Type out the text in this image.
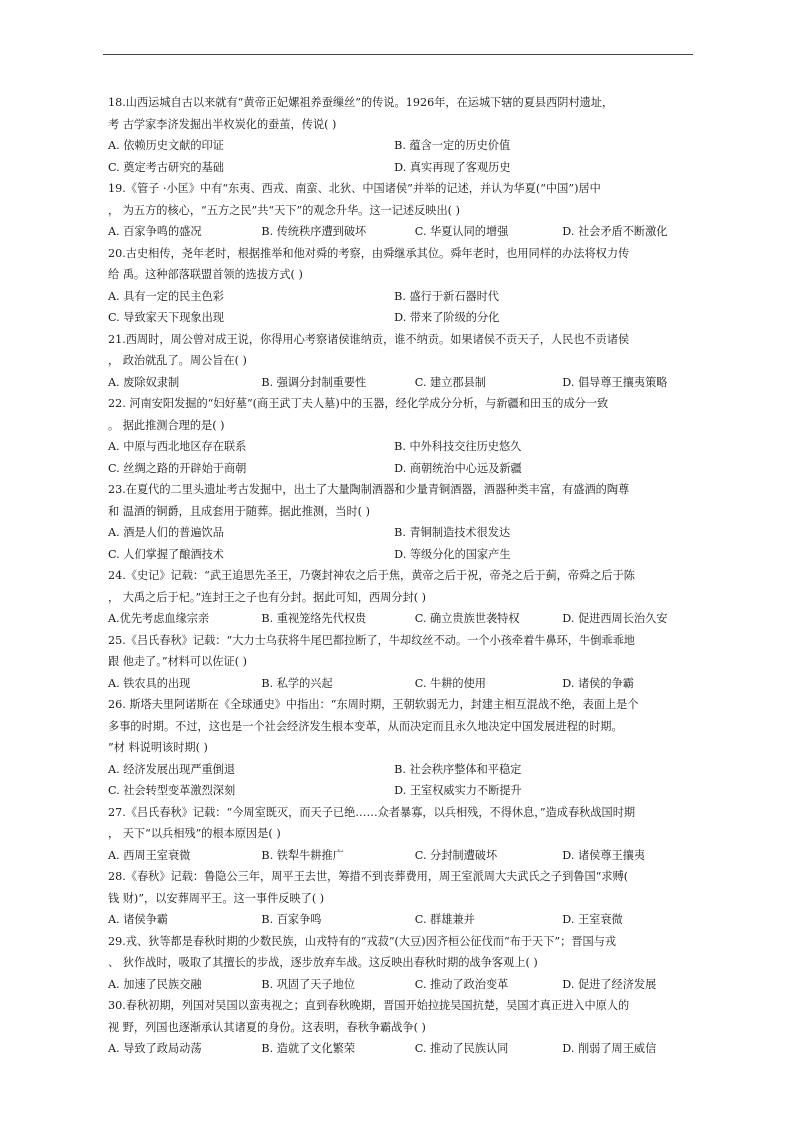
18.山西运城自古以来就有“黄帝正妃嫘祖养蚕缫丝”的传说。1926年，在运城下辖的夏县西阴村遗址，
考 古学家李济发掘出半枚炭化的蚕茧，传说( )
A. 依赖历史文献的印证	B. 蕴含一定的历史价值
C. 奠定考古研究的基础	D. 真实再现了客观历史
19.《管子 ·小匡》中有“东夷、西戎、南蛮、北狄、中国诸侯”并举的记述，并认为华夏(“中国”)居中
， 为五方的核心，“五方之民”共“天下”的观念升华。这一记述反映出( )
A. 百家争鸣的盛况	B. 传统秩序遭到破坏	C. 华夏认同的增强	D. 社会矛盾不断激化
20.古史相传，尧年老时，根据推举和他对舜的考察，由舜继承其位。舜年老时，也用同样的办法将权力传
给 禹。这种部落联盟首领的选拔方式( )
A. 具有一定的民主色彩	B. 盛行于新石器时代
C. 导致家天下现象出现	D. 带来了阶级的分化
21.西周时，周公曾对成王说，你得用心考察诸侯谁纳贡，谁不纳贡。如果诸侯不贡天子，人民也不贡诸侯
， 政治就乱了。周公旨在( )
A. 废除奴隶制	B. 强调分封制重要性	C. 建立郡县制	D. 倡导尊王攘夷策略
22. 河南安阳发掘的“妇好墓”(商王武丁夫人墓)中的玉器，经化学成分分析，与新疆和田玉的成分一致
。 据此推测合理的是( )
A. 中原与西北地区存在联系	B. 中外科技交往历史悠久
C. 丝绸之路的开辟始于商朝	D. 商朝统治中心远及新疆
23.在夏代的二里头遗址考古发掘中，出土了大量陶制酒器和少量青铜酒器，酒器种类丰富，有盛酒的陶尊
和 温酒的铜爵，且成套用于随葬。据此推测，当时( )
A. 酒是人们的普遍饮品	B. 青铜制造技术很发达
C. 人们掌握了酿酒技术	D. 等级分化的国家产生
24.《史记》记载：“武王追思先圣王，乃褒封神农之后于焦，黄帝之后于祝，帝尧之后于蓟，帝舜之后于陈
， 大禹之后于杞。”连封王之子也有分封。据此可知，西周分封( )
A.优先考虑血缘宗亲	B. 重视笼络先代权贵	C. 确立贵族世袭特权	D. 促进西周长治久安
25.《吕氏春秋》记载：“大力士乌获将牛尾巴都拉断了，牛却纹丝不动。一个小孩牵着牛鼻环，牛倒乖乖地
跟 他走了。”材料可以佐证( )
A. 铁农具的出现	B. 私学的兴起	C. 牛耕的使用	D. 诸侯的争霸
26. 斯塔夫里阿诺斯在《全球通史》中指出：“东周时期，王朝软弱无力，封建主相互混战不绝，表面上是个
多事的时期。不过，这也是一个社会经济发生根本变革，从而决定而且永久地决定中国发展进程的时期。
”材 料说明该时期( )
A. 经济发展出现严重倒退	B. 社会秩序整体和平稳定
C. 社会转型变革激烈深刻	D. 王室权威实力不断提升
27.《吕氏春秋》记载：“今周室既灭，而天子已绝……众者暴寡，以兵相残，不得休息，”造成春秋战国时期
， 天下“以兵相残”的根本原因是( )
A. 西周王室衰微	B. 铁犁牛耕推广	C. 分封制遭破坏	D. 诸侯尊王攘夷
28.《春秋》记载：鲁隐公三年，周平王去世，筹措不到丧葬费用，周王室派周大夫武氏之子到鲁国“求赙(
钱 财)”，以安葬周平王。这一事件反映了( )
A. 诸侯争霸	B. 百家争鸣	C. 群雄兼并	D. 王室衰微
29.戎、狄等都是春秋时期的少数民族，山戎特有的“戎菽”(大豆)因齐桓公征伐而“布于天下”；晋国与戎
、 狄作战时，吸取了其擅长的步战，逐步放弃车战。这反映出春秋时期的战争客观上( )
A. 加速了民族交融	B. 巩固了天子地位	C. 推动了政治变革	D. 促进了经济发展
30.春秋初期，列国对吴国以蛮夷视之；直到春秋晚期，晋国开始拉拢吴国抗楚，吴国才真正进入中原人的
视 野，列国也逐渐承认其诸夏的身份。这表明，春秋争霸战争( )
A. 导致了政局动荡	B. 造就了文化繁荣	C. 推动了民族认同	D. 削弱了周王威信
